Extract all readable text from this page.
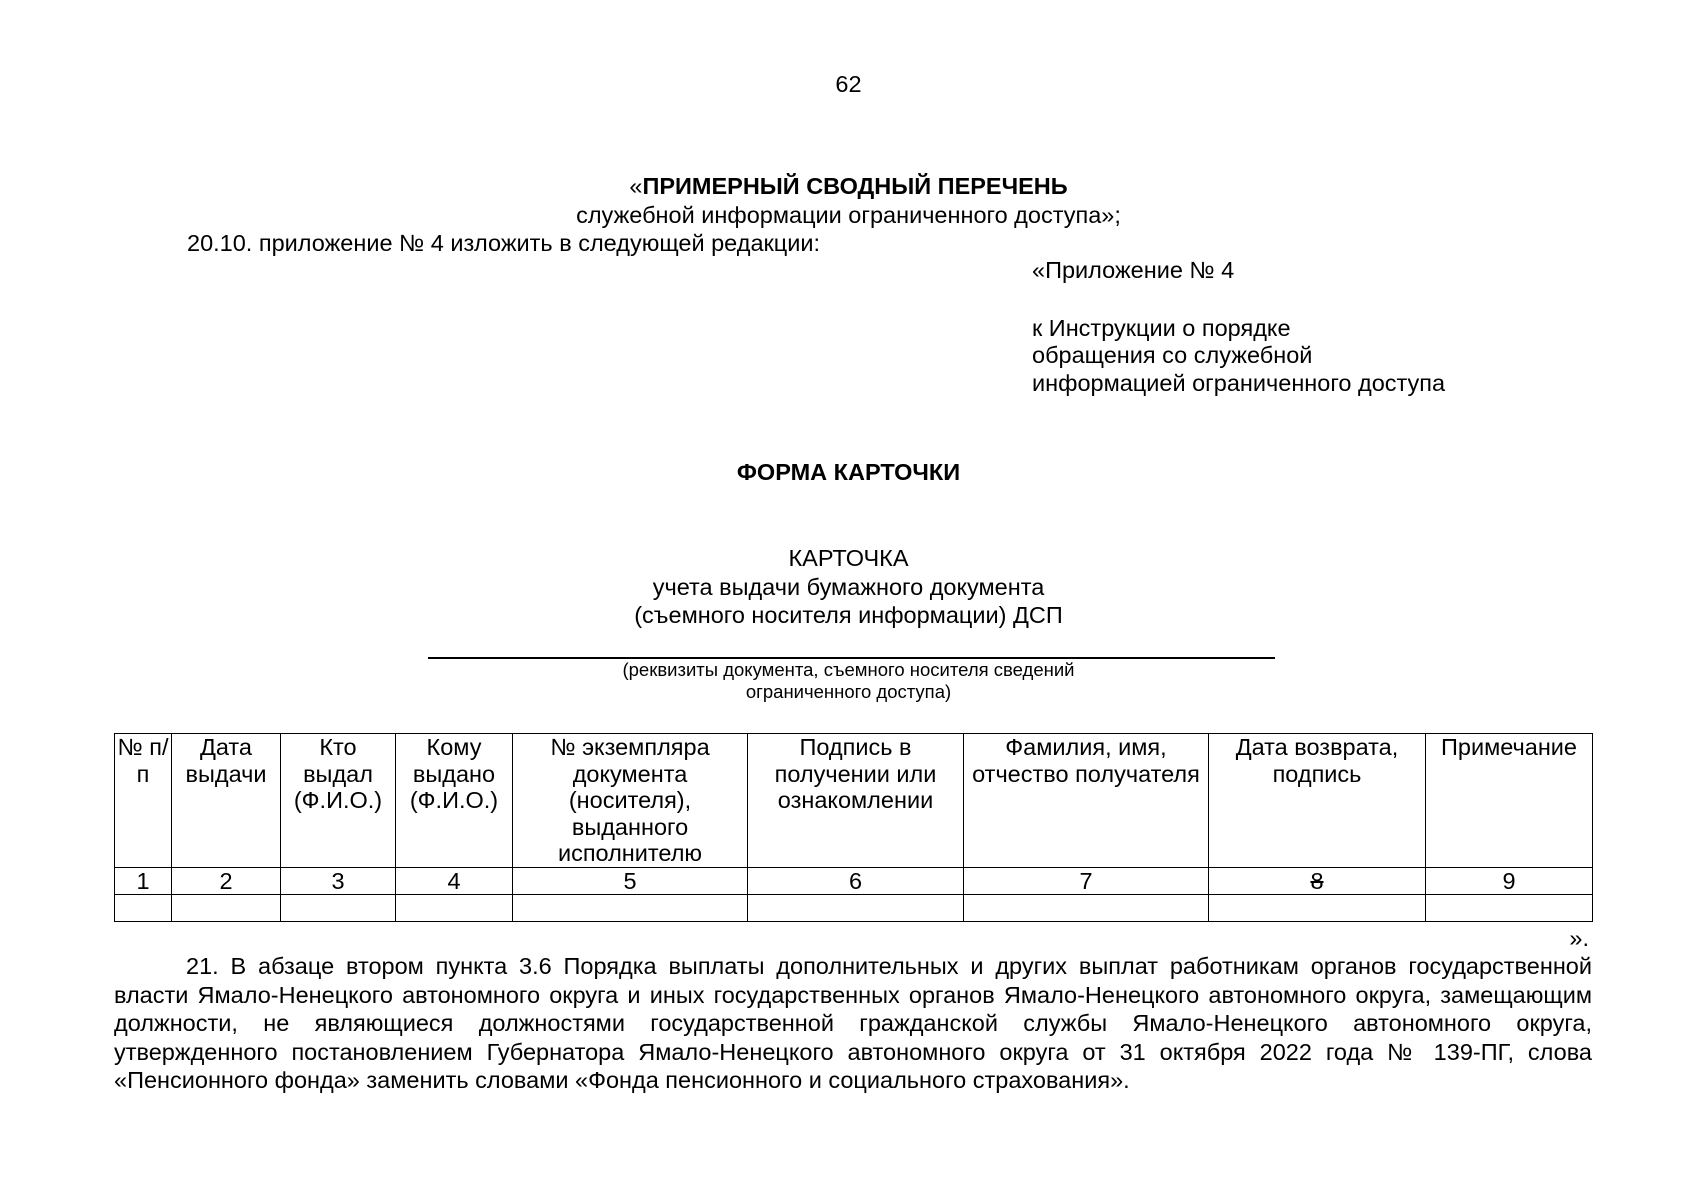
62
«ПРИМЕРНЫЙ СВОДНЫЙ ПЕРЕЧЕНЬ
служебной информации ограниченного доступа»;
20.10. приложение № 4 изложить в следующей редакции:
«Приложение № 4
к Инструкции о порядке
обращения со служебной
информацией ограниченного доступа
ФОРМА КАРТОЧКИ
КАРТОЧКА
учета выдачи бумажного документа
(съемного носителя информации) ДСП
(реквизиты документа, съемного носителя сведений
ограниченного доступа)
№ п/п	Дата выдачи	Кто выдал (Ф.И.О.)	Кому выдано (Ф.И.О.)	№ экземпляра документа (носителя), выданного исполнителю	Подпись в получении или ознакомлении	Фамилия, имя, отчество получателя	Дата возврата, подпись	Примечание
1	2	3	4	5	6	7	8	9

».
21. В абзаце втором пункта 3.6 Порядка выплаты дополнительных и других выплат работникам органов государственной власти Ямало-Ненецкого автономного округа и иных государственных органов Ямало-Ненецкого автономного округа, замещающим должности, не являющиеся должностями государственной гражданской службы Ямало-Ненецкого автономного округа, утвержденного постановлением Губернатора Ямало-Ненецкого автономного округа от 31 октября 2022 года № 139-ПГ, слова «Пенсионного фонда» заменить словами «Фонда пенсионного и социального страхования».
